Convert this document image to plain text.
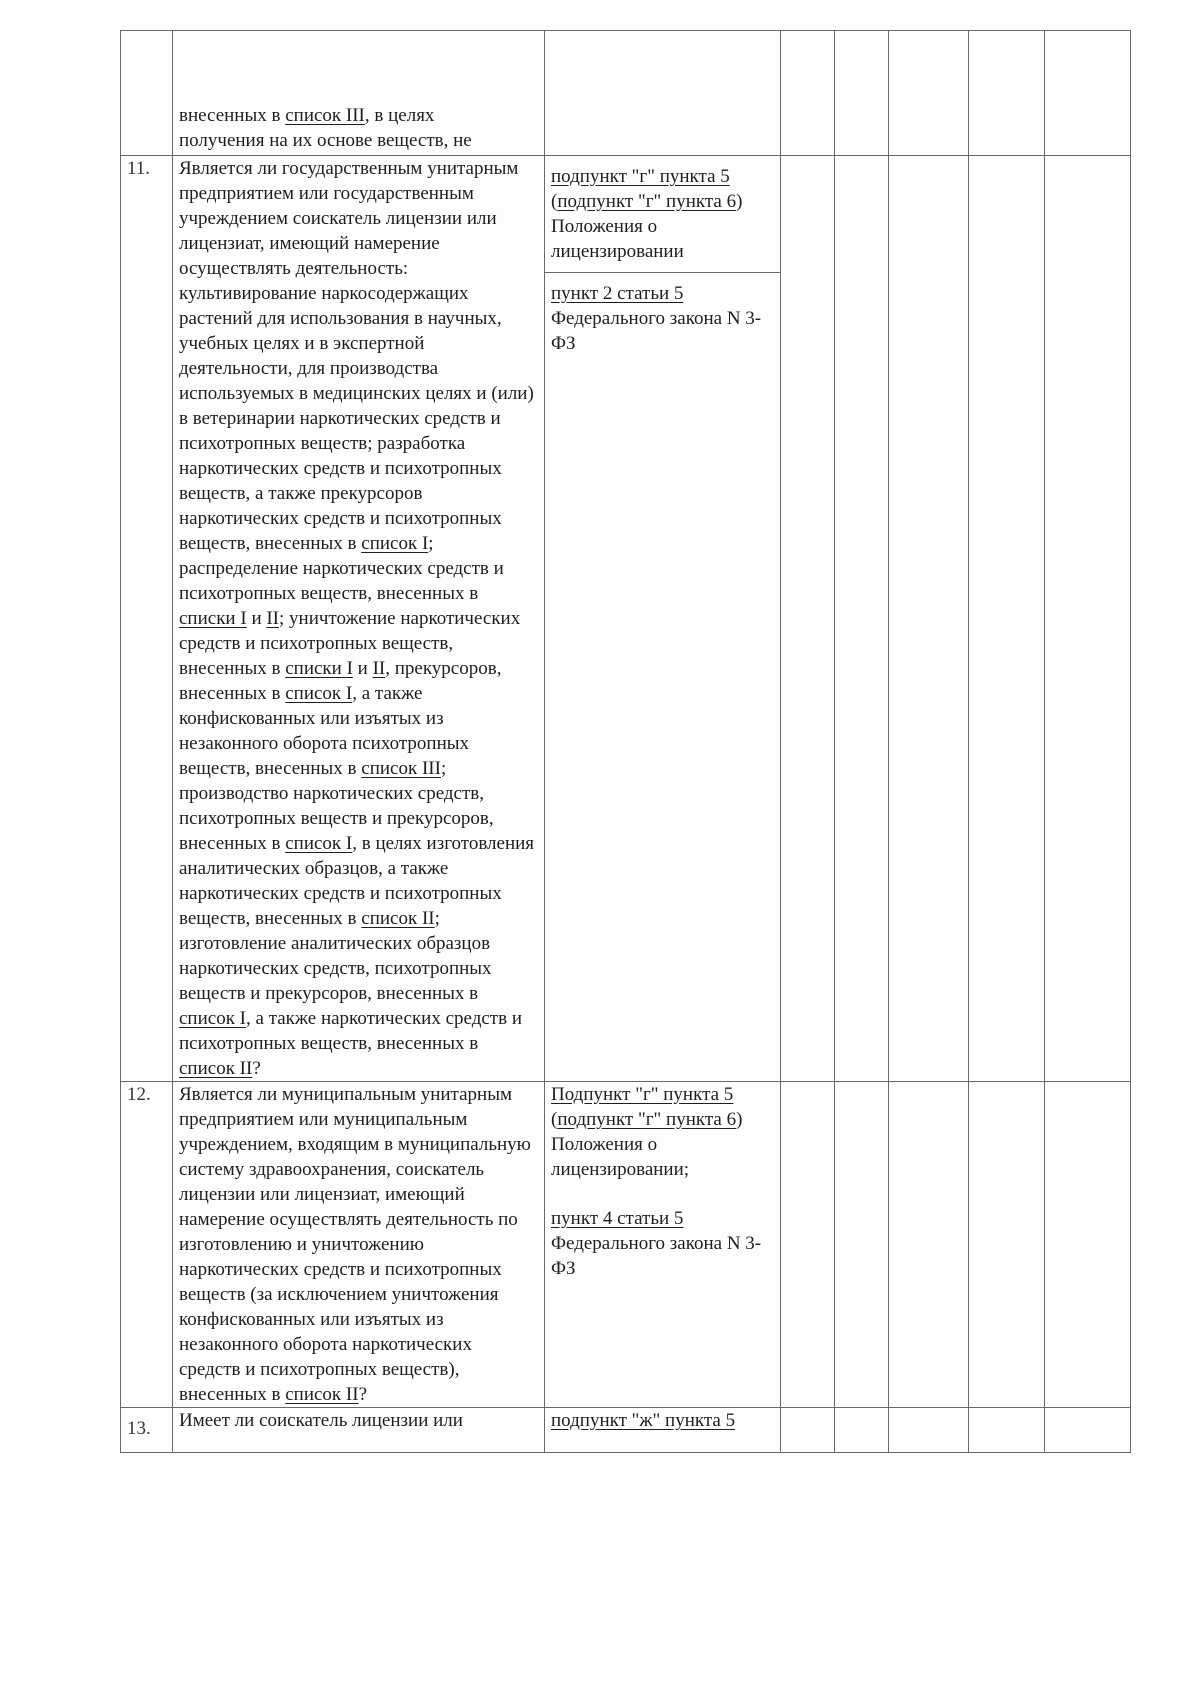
	внесенных в список III, в целях
получения на их основе веществ, не						
11.	Является ли государственным унитарным предприятием или государственным учреждением соискатель лицензии или лицензиат, имеющий намерение осуществлять деятельность: культивирование наркосодержащих растений для использования в научных, учебных целях и в экспертной деятельности, для производства используемых в медицинских целях и (или) в ветеринарии наркотических средств и психотропных веществ; разработка наркотических средств и психотропных веществ, а также прекурсоров наркотических средств и психотропных веществ, внесенных в список I; распределение наркотических средств и психотропных веществ, внесенных в списки I и II; уничтожение наркотических средств и психотропных веществ, внесенных в списки I и II, прекурсоров, внесенных в список I, а также конфискованных или изъятых из незаконного оборота психотропных веществ, внесенных в список III; производство наркотических средств, психотропных веществ и прекурсоров, внесенных в список I, в целях изготовления аналитических образцов, а также наркотических средств и психотропных веществ, внесенных в список II; изготовление аналитических образцов наркотических средств, психотропных веществ и прекурсоров, внесенных в список I, а также наркотических средств и психотропных веществ, внесенных в список II?	подпункт "г" пункта 5 (подпункт "г" пункта 6) Положения о лицензировании
пункт 2 статьи 5 Федерального закона N 3-ФЗ					

12.	Является ли муниципальным унитарным предприятием или муниципальным учреждением, входящим в муниципальную систему здравоохранения, соискатель лицензии или лицензиат, имеющий намерение осуществлять деятельность по изготовлению и уничтожению наркотических средств и психотропных веществ (за исключением уничтожения конфискованных или изъятых из незаконного оборота наркотических средств и психотропных веществ), внесенных в список II?	Подпункт "г" пункта 5 (подпункт "г" пункта 6) Положения о лицензировании;
пункт 4 статьи 5 Федерального закона N 3-ФЗ					

13.	Имеет ли соискатель лицензии или	подпункт "ж" пункта 5					
